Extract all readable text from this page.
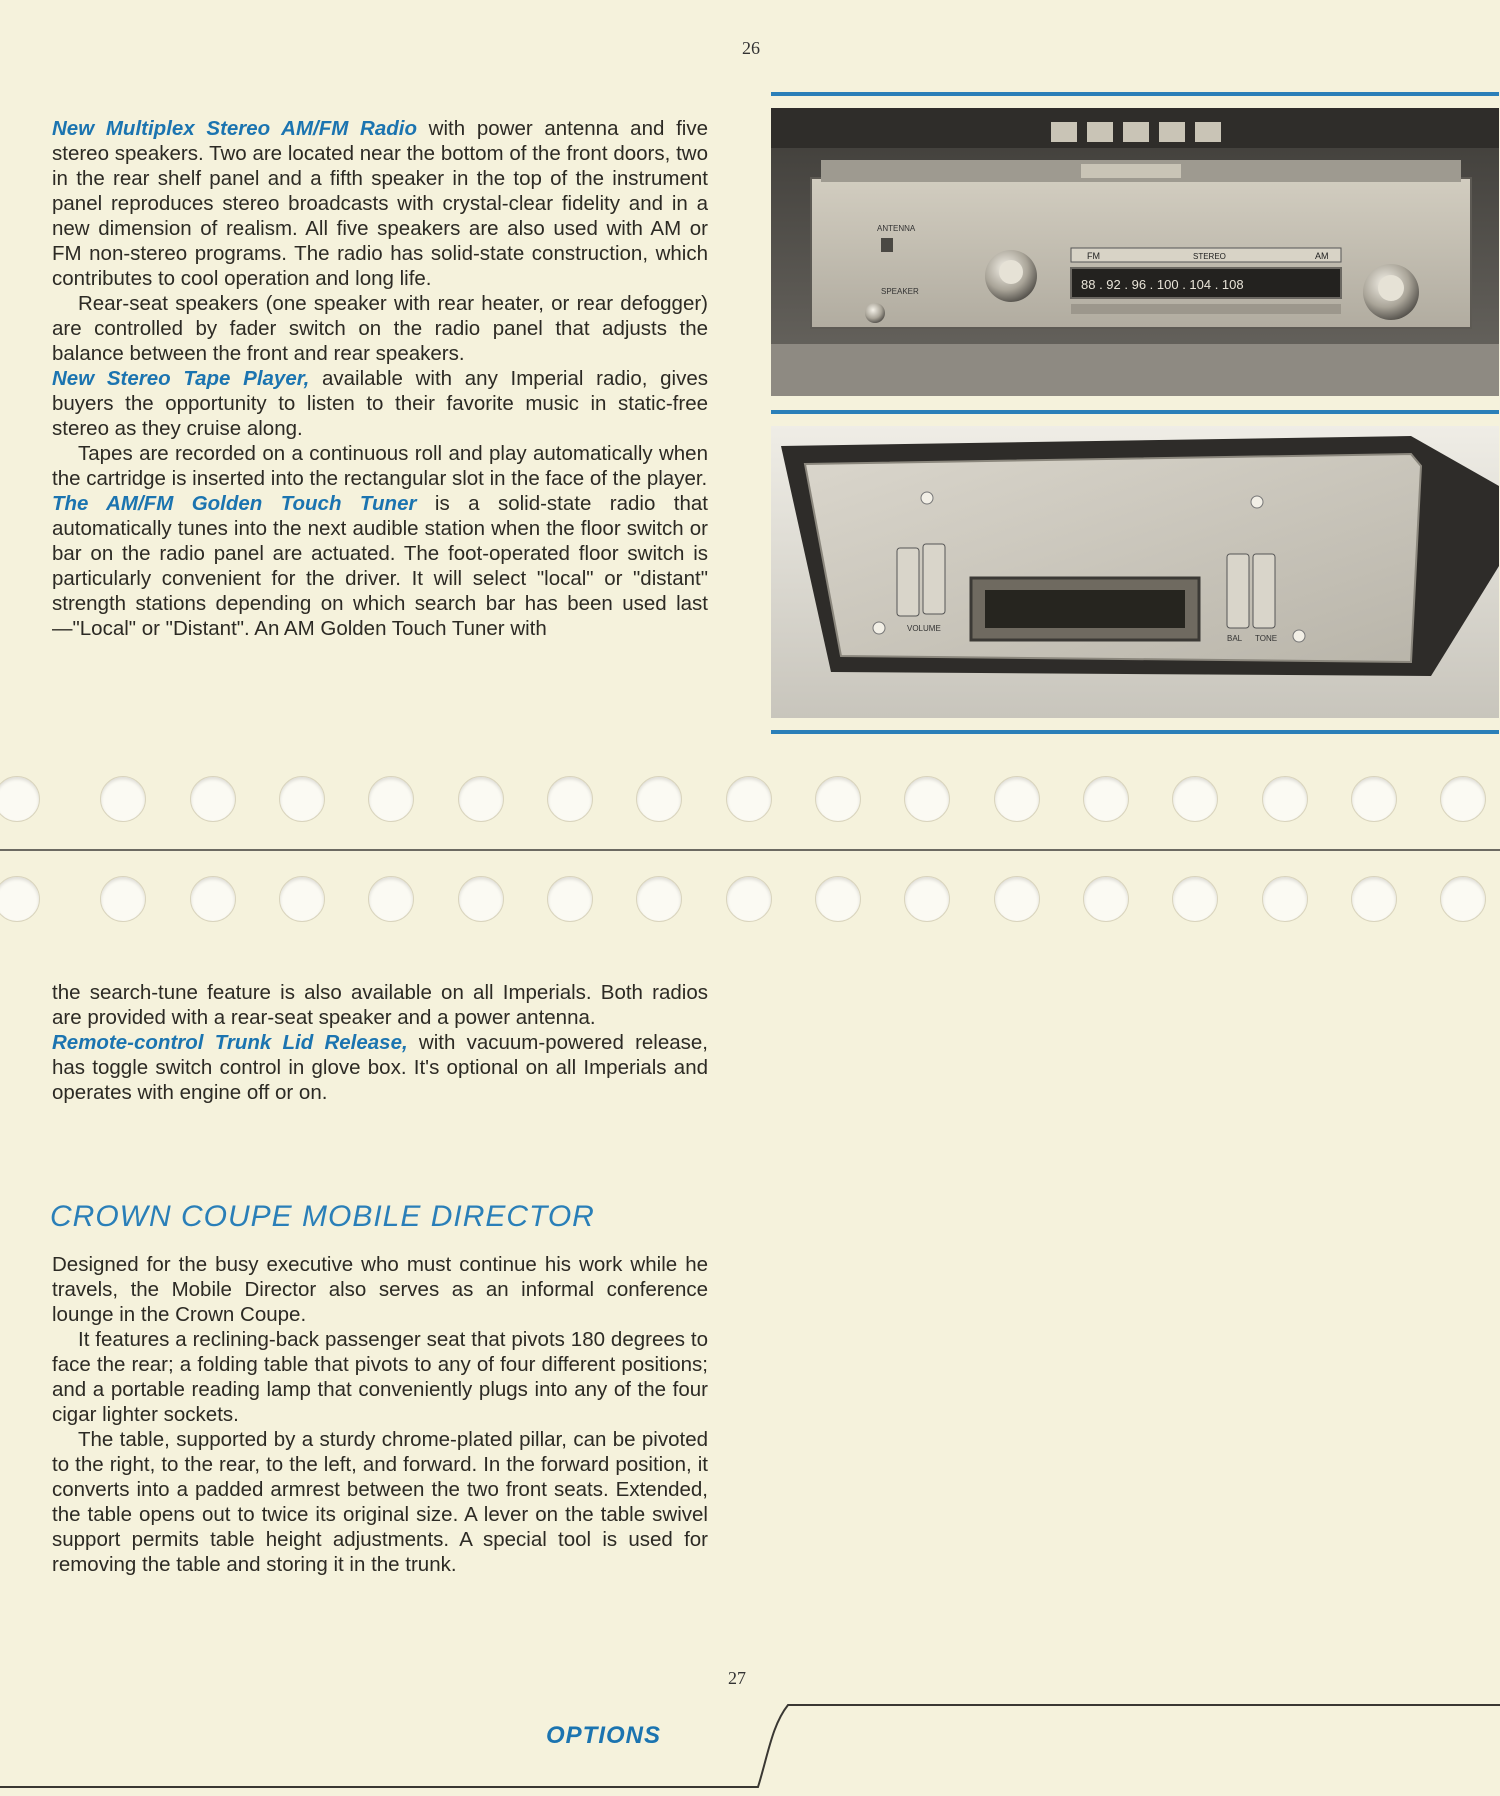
26

New Multiplex Stereo AM/FM Radio with power antenna and five stereo speakers. Two are located near the bottom of the front doors, two in the rear shelf panel and a fifth speaker in the top of the instrument panel reproduces stereo broadcasts with crystal-clear fidelity and in a new dimension of realism. All five speakers are also used with AM or FM non-stereo programs. The radio has solid-state construction, which contributes to cool operation and long life.

Rear-seat speakers (one speaker with rear heater, or rear defogger) are controlled by fader switch on the radio panel that adjusts the balance between the front and rear speakers.

New Stereo Tape Player, available with any Imperial radio, gives buyers the opportunity to listen to their favorite music in static-free stereo as they cruise along.

Tapes are recorded on a continuous roll and play automatically when the cartridge is inserted into the rectangular slot in the face of the player.

The AM/FM Golden Touch Tuner is a solid-state radio that automatically tunes into the next audible station when the floor switch or bar on the radio panel are actuated. The foot-operated floor switch is particularly convenient for the driver. It will select "local" or "distant" strength stations depending on which search bar has been used last —"Local" or "Distant". An AM Golden Touch Tuner with

ANTENNA
SPEAKER
FM	STEREO	AM
88 . 92 . 96 . 100 . 104 . 108
VOLUME
BAL TONE

the search-tune feature is also available on all Imperials. Both radios are provided with a rear-seat speaker and a power antenna.

Remote-control Trunk Lid Release, with vacuum-powered release, has toggle switch control in glove box. It's optional on all Imperials and operates with engine off or on.

CROWN COUPE MOBILE DIRECTOR

Designed for the busy executive who must continue his work while he travels, the Mobile Director also serves as an informal conference lounge in the Crown Coupe.

It features a reclining-back passenger seat that pivots 180 degrees to face the rear; a folding table that pivots to any of four different positions; and a portable reading lamp that conveniently plugs into any of the four cigar lighter sockets.

The table, supported by a sturdy chrome-plated pillar, can be pivoted to the right, to the rear, to the left, and forward. In the forward position, it converts into a padded armrest between the two front seats. Extended, the table opens out to twice its original size. A lever on the table swivel support permits table height adjustments. A special tool is used for removing the table and storing it in the trunk.

27
OPTIONS
